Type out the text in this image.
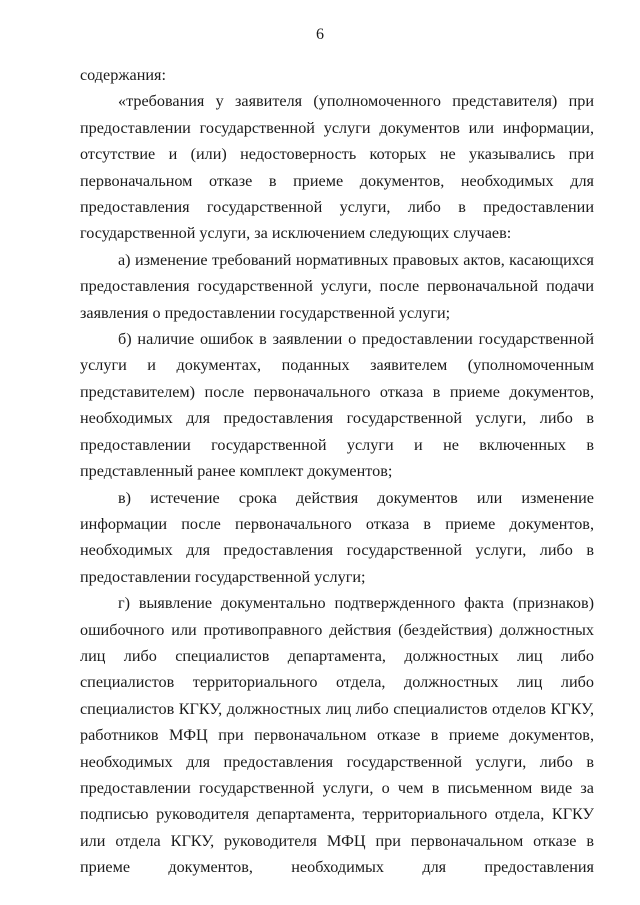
6

содержания:

«требования у заявителя (уполномоченного представителя) при предоставлении государственной услуги документов или информации, отсутствие и (или) недостоверность которых не указывались при первоначальном отказе в приеме документов, необходимых для предоставления государственной услуги, либо в предоставлении государственной услуги, за исключением следующих случаев:

а) изменение требований нормативных правовых актов, касающихся предоставления государственной услуги, после первоначальной подачи заявления о предоставлении государственной услуги;

б) наличие ошибок в заявлении о предоставлении государственной услуги и документах, поданных заявителем (уполномоченным представителем) после первоначального отказа в приеме документов, необходимых для предоставления государственной услуги, либо в предоставлении государственной услуги и не включенных в представленный ранее комплект документов;

в) истечение срока действия документов или изменение информации после первоначального отказа в приеме документов, необходимых для предоставления государственной услуги, либо в предоставлении государственной услуги;

г) выявление документально подтвержденного факта (признаков) ошибочного или противоправного действия (бездействия) должностных лиц либо специалистов департамента, должностных лиц либо специалистов территориального отдела, должностных лиц либо специалистов КГКУ, должностных лиц либо специалистов отделов КГКУ, работников МФЦ при первоначальном отказе в приеме документов, необходимых для предоставления государственной услуги, либо в предоставлении государственной услуги, о чем в письменном виде за подписью руководителя департамента, территориального отдела, КГКУ или отдела КГКУ, руководителя МФЦ при первоначальном отказе в приеме документов, необходимых для предоставления
